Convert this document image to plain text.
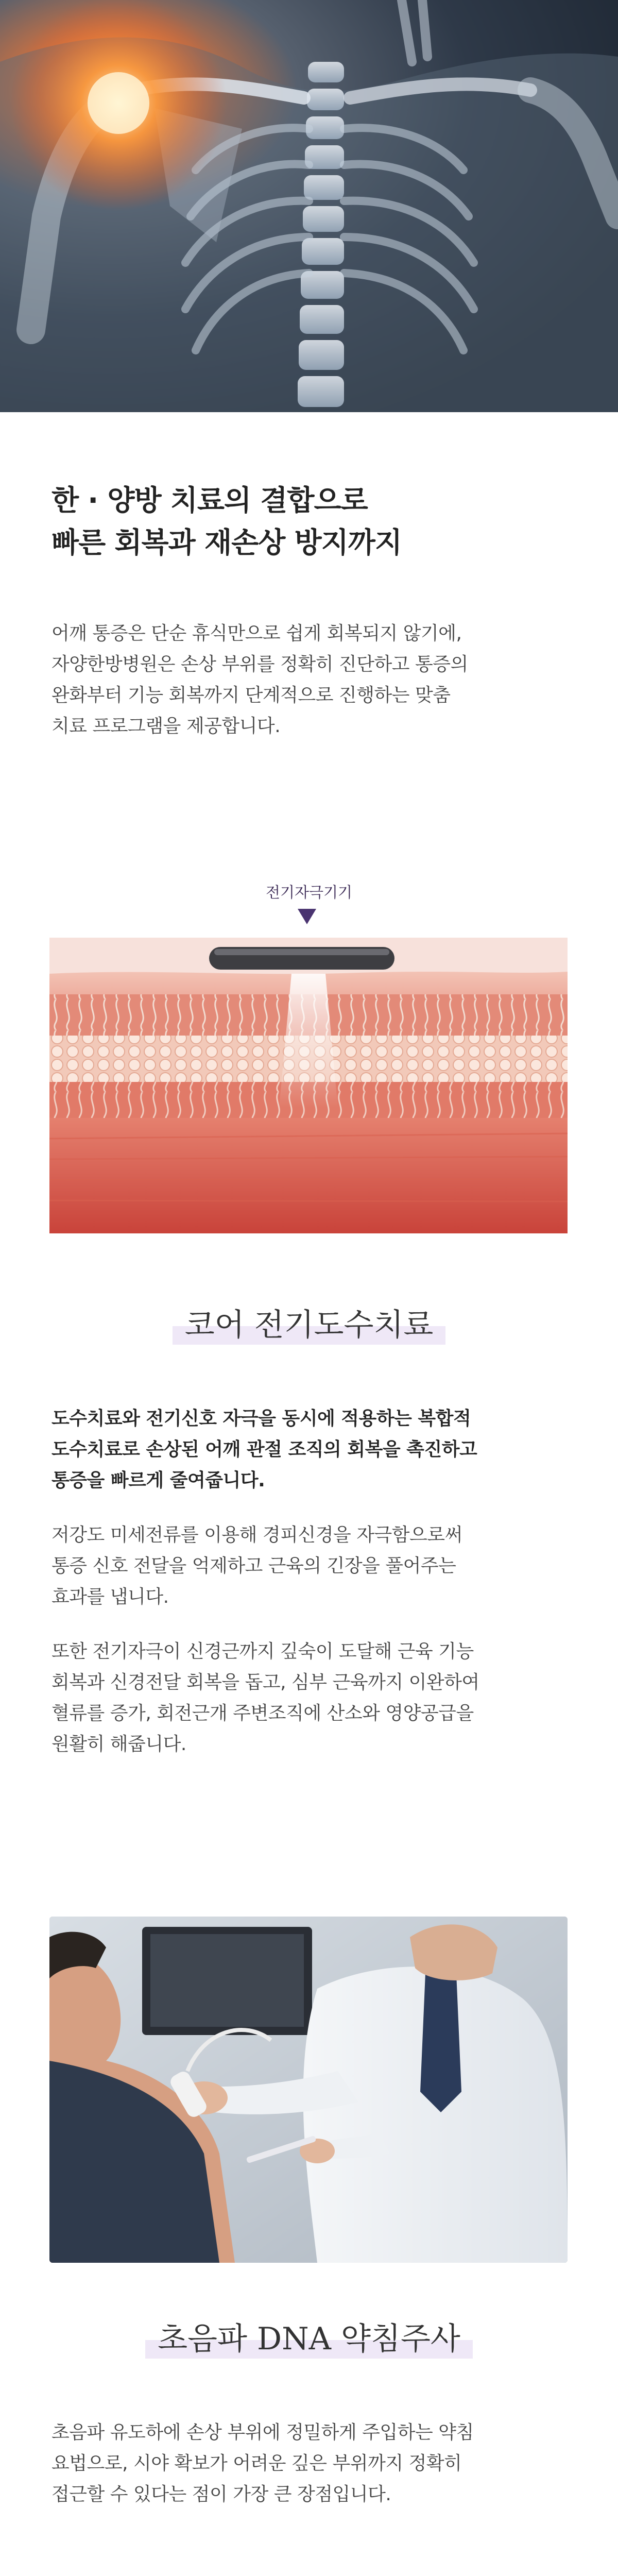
한 · 양방 치료의 결합으로
빠른 회복과 재손상 방지까지
어깨 통증은 단순 휴식만으로 쉽게 회복되지 않기에,
자양한방병원은 손상 부위를 정확히 진단하고 통증의
완화부터 기능 회복까지 단계적으로 진행하는 맞춤
치료 프로그램을 제공합니다.
전기자극기기
코어 전기도수치료
도수치료와 전기신호 자극을 동시에 적용하는 복합적
도수치료로 손상된 어깨 관절 조직의 회복을 촉진하고
통증을 빠르게 줄여줍니다.
저강도 미세전류를 이용해 경피신경을 자극함으로써
통증 신호 전달을 억제하고 근육의 긴장을 풀어주는
효과를 냅니다.
또한 전기자극이 신경근까지 깊숙이 도달해 근육 기능
회복과 신경전달 회복을 돕고, 심부 근육까지 이완하여
혈류를 증가, 회전근개 주변조직에 산소와 영양공급을
원활히 해줍니다.
초음파 DNA 약침주사
초음파 유도하에 손상 부위에 정밀하게 주입하는 약침
요법으로, 시야 확보가 어려운 깊은 부위까지 정확히
접근할 수 있다는 점이 가장 큰 장점입니다.
